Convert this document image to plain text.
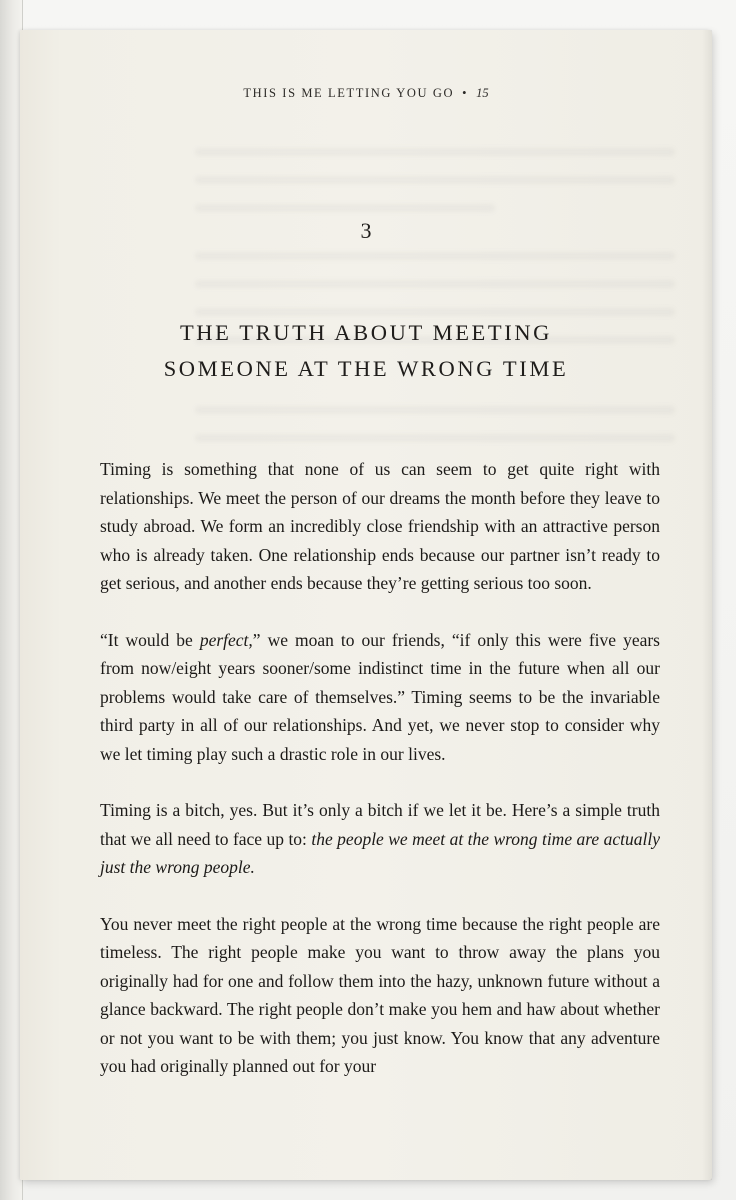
THIS IS ME LETTING YOU GO • 15
3
THE TRUTH ABOUT MEETING
SOMEONE AT THE WRONG TIME

Timing is something that none of us can seem to get quite right with relationships. We meet the person of our dreams the month before they leave to study abroad. We form an incredibly close friendship with an attractive person who is already taken. One relationship ends because our partner isn’t ready to get serious, and another ends because they’re getting serious too soon.

“It would be perfect,” we moan to our friends, “if only this were five years from now/eight years sooner/some indistinct time in the future when all our problems would take care of themselves.” Timing seems to be the invariable third party in all of our relationships. And yet, we never stop to consider why we let timing play such a drastic role in our lives.

Timing is a bitch, yes. But it’s only a bitch if we let it be. Here’s a simple truth that we all need to face up to: the people we meet at the wrong time are actually just the wrong people.

You never meet the right people at the wrong time because the right people are timeless. The right people make you want to throw away the plans you originally had for one and follow them into the hazy, unknown future without a glance backward. The right people don’t make you hem and haw about whether or not you want to be with them; you just know. You know that any adventure you had originally planned out for your
